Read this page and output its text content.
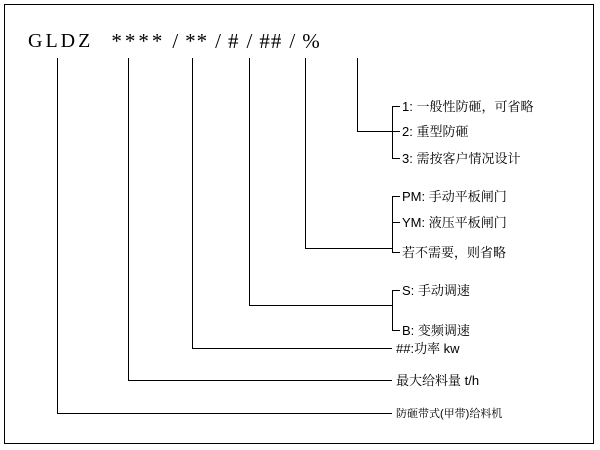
GLDZ **** / ** / # / ## / %
1: 一般性防砸，可省略
2: 重型防砸
3: 需按客户情况设计
PM: 手动平板闸门
YM: 液压平板闸门
若不需要，则省略
S: 手动调速
B: 变频调速
##:功率 kw
最大给料量 t/h
防砸带式(甲带)给料机
